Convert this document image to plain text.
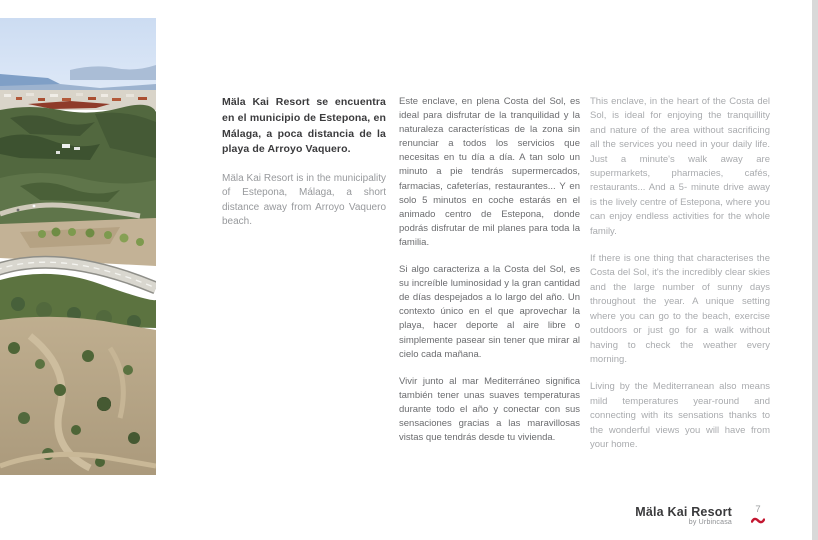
Mäla Kai Resort se encuentra en el municipio de Estepona, en Málaga, a poca distancia de la playa de Arroyo Vaquero.

Mäla Kai Resort is in the municipality of Estepona, Málaga, a short distance away from Arroyo Vaquero beach.

Este enclave, en plena Costa del Sol, es ideal para disfrutar de la tranquilidad y la naturaleza características de la zona sin renunciar a todos los servicios que necesitas en tu día a día. A tan solo un minuto a pie tendrás supermercados, farmacias, cafeterías, restaurantes... Y en solo 5 minutos en coche estarás en el animado centro de Estepona, donde podrás disfrutar de mil planes para toda la familia.

Si algo caracteriza a la Costa del Sol, es su increíble luminosidad y la gran cantidad de días despejados a lo largo del año. Un contexto único en el que aprovechar la playa, hacer deporte al aire libre o simplemente pasear sin tener que mirar al cielo cada mañana.

Vivir junto al mar Mediterráneo significa también tener unas suaves temperaturas durante todo el año y conectar con sus sensaciones gracias a las maravillosas vistas que tendrás desde tu vivienda.

This enclave, in the heart of the Costa del Sol, is ideal for enjoying the tranquillity and nature of the area without sacrificing all the services you need in your daily life. Just a minute's walk away are supermarkets, pharmacies, cafés, restaurants... And a 5- minute drive away is the lively centre of Estepona, where you can enjoy endless activities for the whole family.

If there is one thing that characterises the Costa del Sol, it's the incredibly clear skies and the large number of sunny days throughout the year. A unique setting where you can go to the beach, exercise outdoors or just go for a walk without having to check the weather every morning.

Living by the Mediterranean also means mild temperatures year-round and connecting with its sensations thanks to the wonderful views you will have from your home.

Mäla Kai Resort
by Urbincasa
7
